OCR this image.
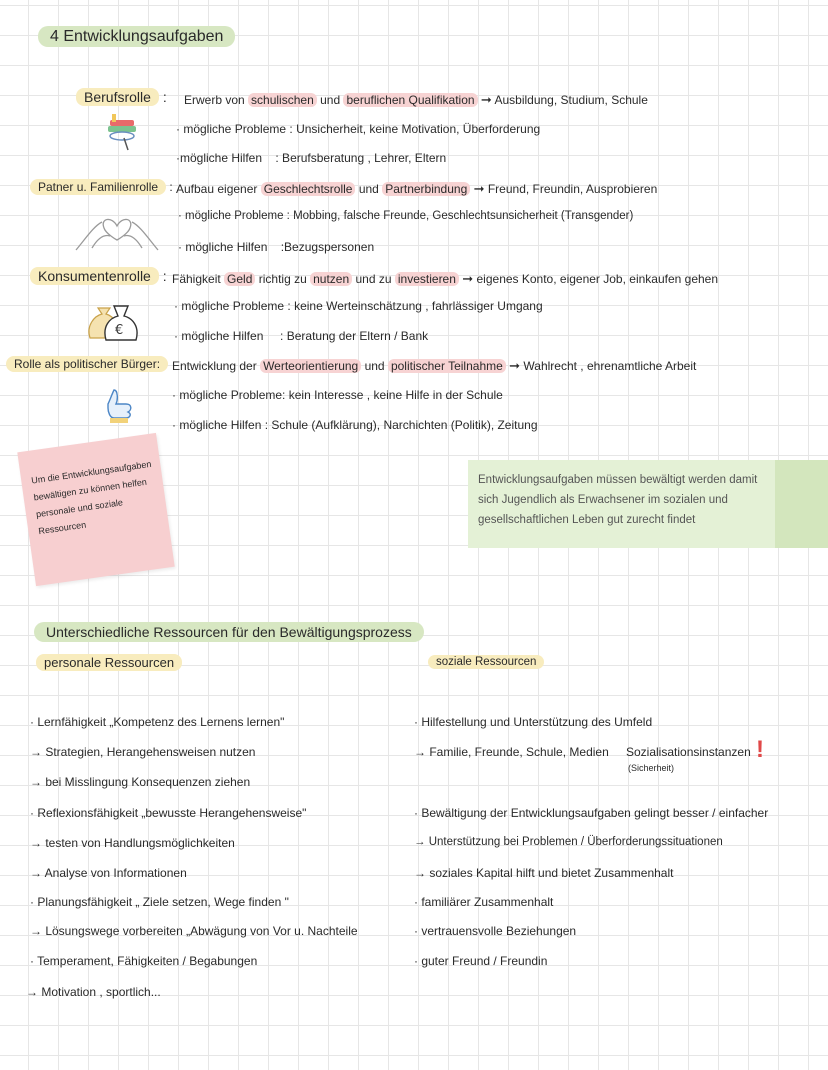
4 Entwicklungsaufgaben
Berufsrolle : Erwerb von schulischen und beruflichen Qualifikation ➞ Ausbildung, Studium, Schule
· mögliche Probleme : Unsicherheit, keine Motivation, Überforderung
·mögliche Hilfen : Berufsberatung , Lehrer, Eltern
Patner u. Familienrolle : Aufbau eigener Geschlechtsrolle und Partnerbindung ➞ Freund, Freundin, Ausprobieren
· mögliche Probleme : Mobbing, falsche Freunde, Geschlechtsunsicherheit (Transgender)
· mögliche Hilfen :Bezugspersonen
Konsumentenrolle : Fähigkeit Geld richtig zu nutzen und zu investieren ➞ eigenes Konto, eigener Job, einkaufen gehen
· mögliche Probleme : keine Werteinschätzung , fahrlässiger Umgang
· mögliche Hilfen : Beratung der Eltern / Bank
€
Rolle als politischer Bürger: Entwicklung der Werteorientierung und politischer Teilnahme ➞ Wahlrecht , ehrenamtliche Arbeit
· mögliche Probleme: kein Interesse , keine Hilfe in der Schule
· mögliche Hilfen : Schule (Aufklärung), Narchichten (Politik), Zeitung
Um die Entwicklungsaufgaben bewältigen zu können helfen personale und soziale Ressourcen
Entwicklungsaufgaben müssen bewältigt werden damit sich Jugendlich als Erwachsener im sozialen und gesellschaftlichen Leben gut zurecht findet
Unterschiedliche Ressourcen für den Bewältigungsprozess
personale Ressourcen	soziale Ressourcen
· Lernfähigkeit „Kompetenz des Lernens lernen"
→ Strategien, Herangehensweisen nutzen
→ bei Misslingung Konsequenzen ziehen
· Reflexionsfähigkeit „bewusste Herangehensweise"
→ testen von Handlungsmöglichkeiten
→ Analyse von Informationen
· Planungsfähigkeit „ Ziele setzen, Wege finden "
→ Lösungswege vorbereiten „Abwägung von Vor u. Nachteile
· Temperament, Fähigkeiten / Begabungen
→ Motivation , sportlich...
· Hilfestellung und Unterstützung des Umfeld
→ Familie, Freunde, Schule, Medien Sozialisationsinstanzen
(Sicherheit)
!
· Bewältigung der Entwicklungsaufgaben gelingt besser / einfacher
→ Unterstützung bei Problemen / Überforderungssituationen
→ soziales Kapital hilft und bietet Zusammenhalt
· familiärer Zusammenhalt
· vertrauensvolle Beziehungen
· guter Freund / Freundin
